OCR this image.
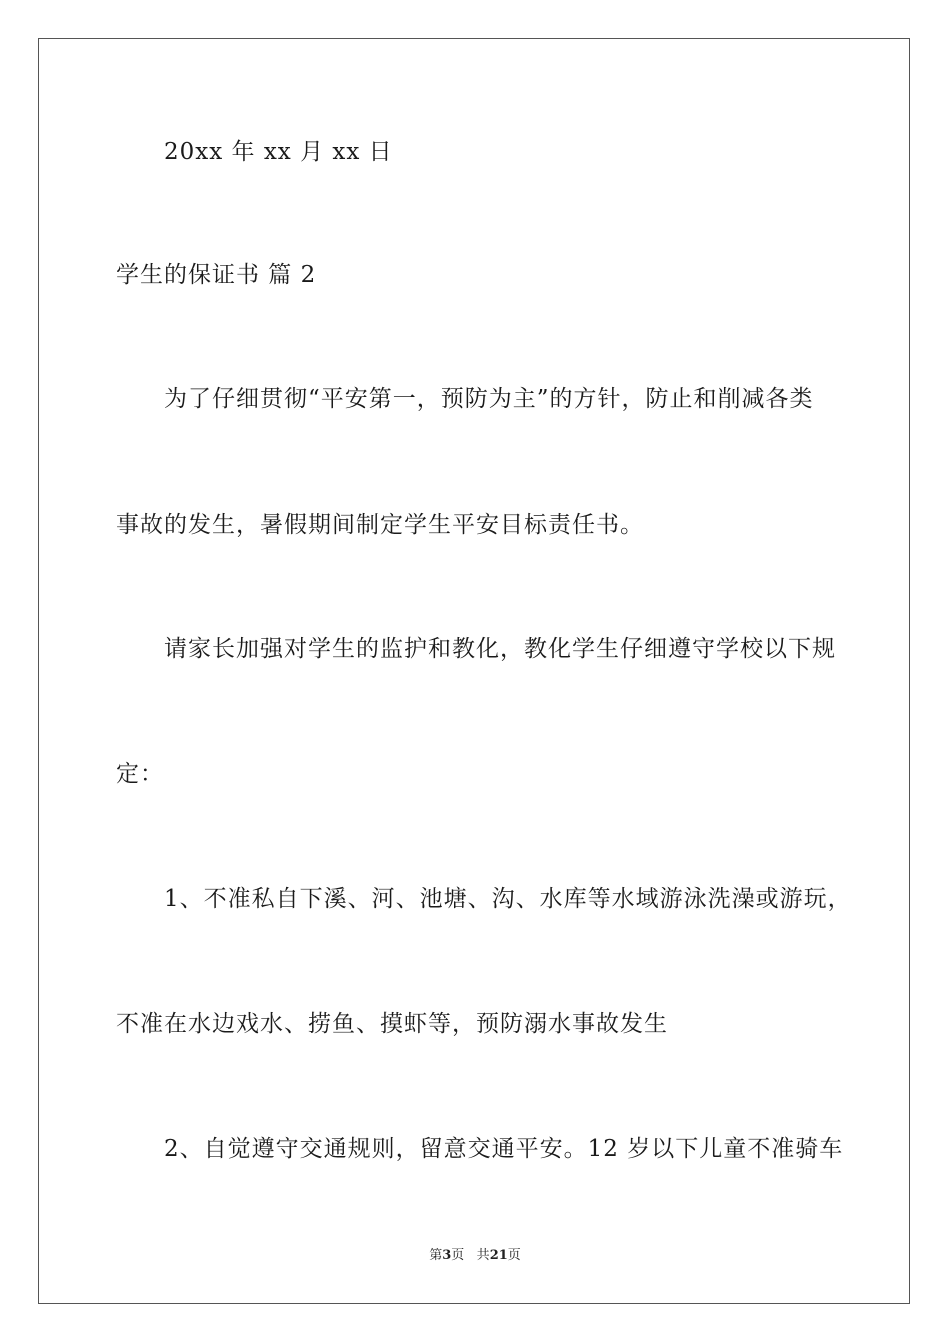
20xx 年 xx 月 xx 日
学生的保证书 篇 2
为了仔细贯彻“平安第一，预防为主”的方针，防止和削减各类
事故的发生，暑假期间制定学生平安目标责任书。
请家长加强对学生的监护和教化，教化学生仔细遵守学校以下规
定：
1、不准私自下溪、河、池塘、沟、水库等水域游泳洗澡或游玩，
不准在水边戏水、捞鱼、摸虾等，预防溺水事故发生
2、自觉遵守交通规则，留意交通平安。12 岁以下儿童不准骑车
第3页 共21页
